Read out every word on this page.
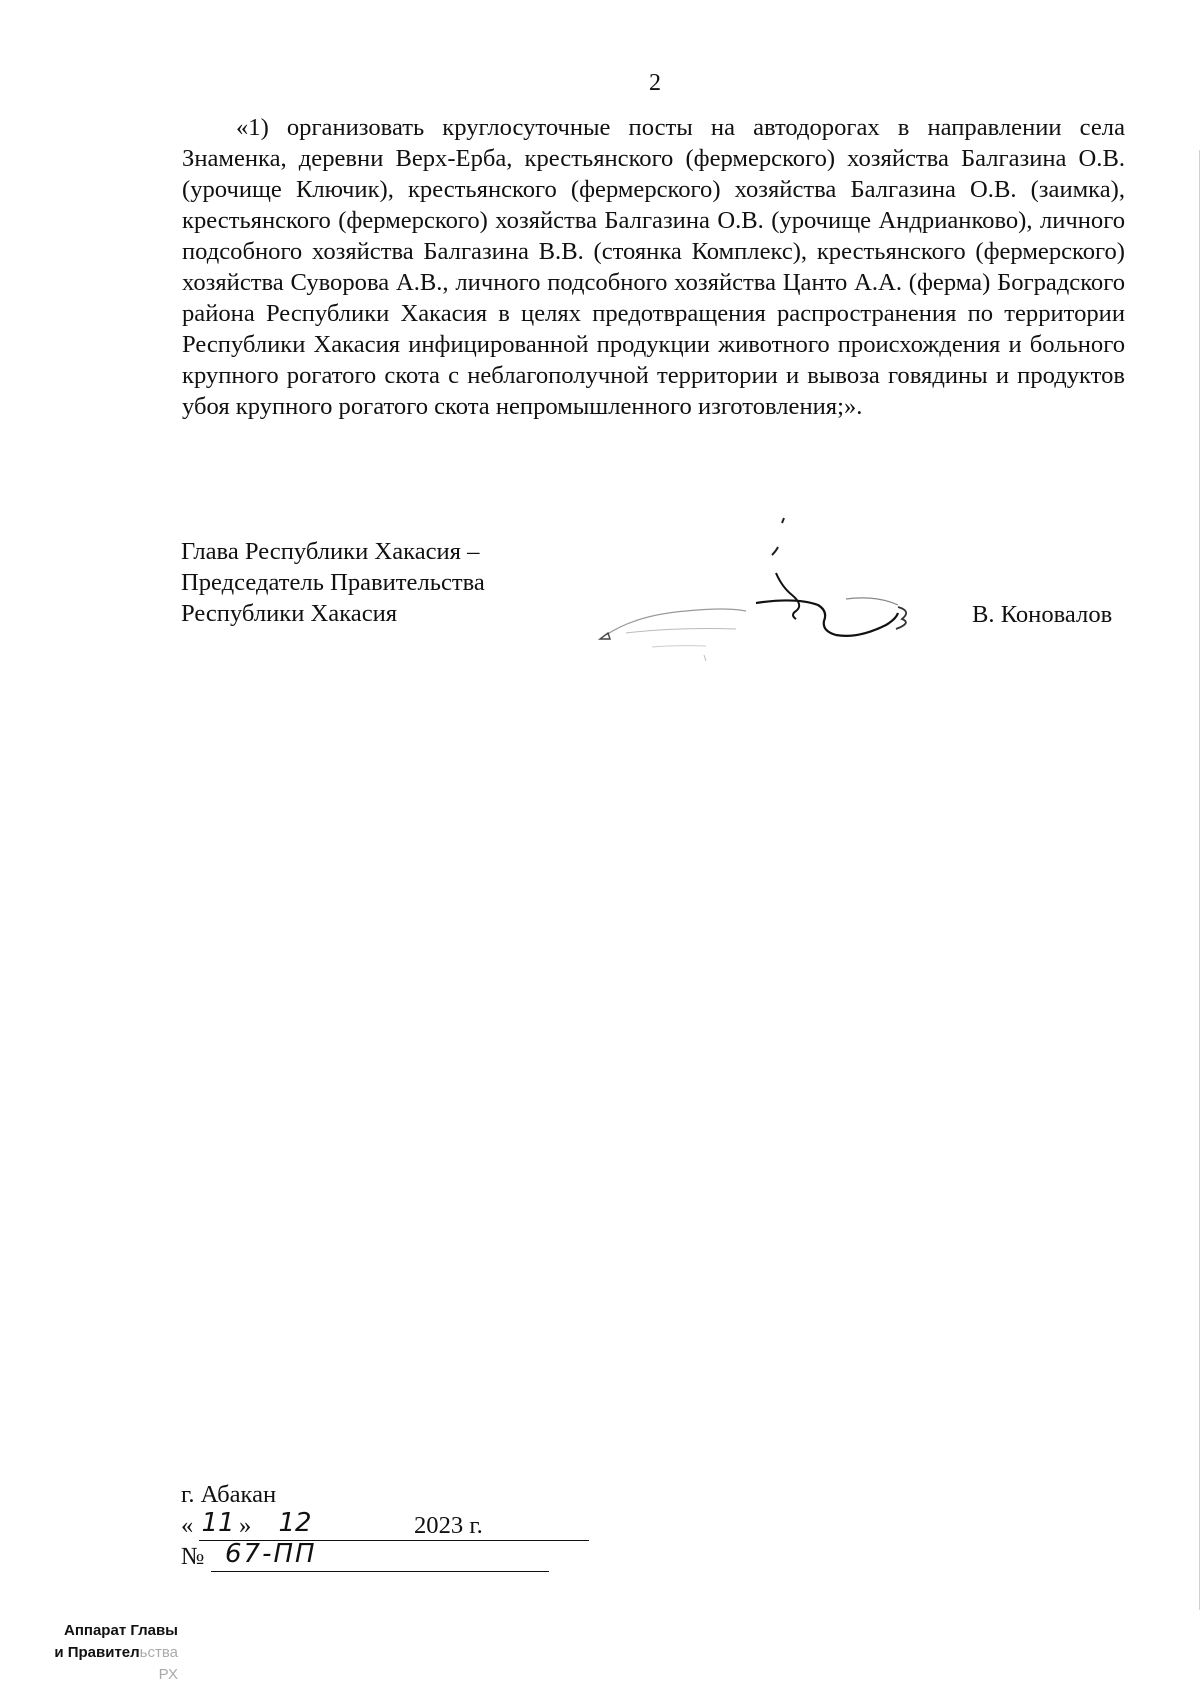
2

«1) организовать круглосуточные посты на автодорогах в направлении села Знаменка, деревни Верх-Ерба, крестьянского (фермерского) хозяйства Балгазина О.В. (урочище Ключик), крестьянского (фермерского) хозяйства Балгазина О.В. (заимка), крестьянского (фермерского) хозяйства Балгазина О.В. (урочище Андрианково), личного подсобного хозяйства Балгазина В.В. (стоянка Комплекс), крестьянского (фермерского) хозяйства Суворова А.В., личного подсобного хозяйства Цанто А.А. (ферма) Боградского района Республики Хакасия в целях предотвращения распространения по территории Республики Хакасия инфицированной продукции животного происхождения и больного крупного рогатого скота с неблагополучной территории и вывоза говядины и продуктов убоя крупного рогатого скота непромышленного изготовления;».

Глава Республики Хакасия –
Председатель Правительства
Республики Хакасия	В. Коновалов
г. Абакан
« 11 »	12	2023 г.
№ 67-ПП
Аппарат Главы
и Правительства РХ
